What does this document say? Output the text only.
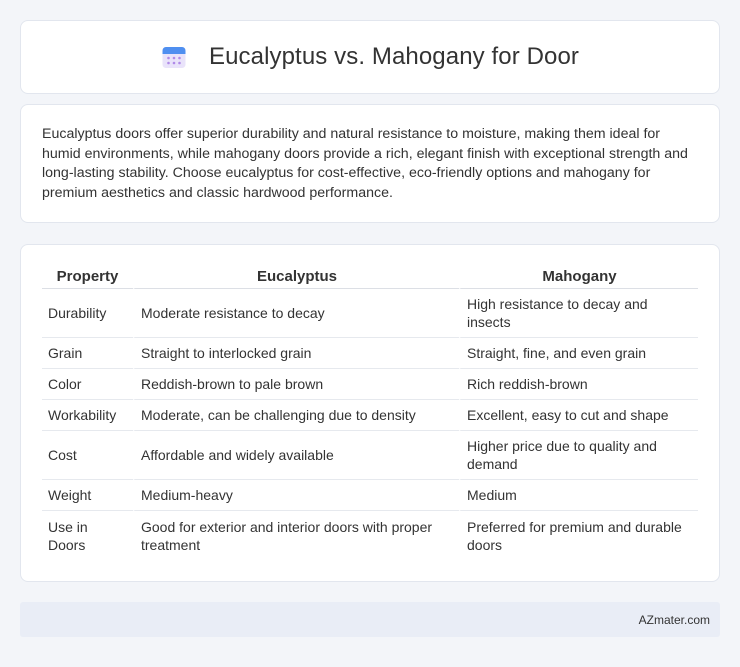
Eucalyptus vs. Mahogany for Door

Eucalyptus doors offer superior durability and natural resistance to moisture, making them ideal for humid environments, while mahogany doors provide a rich, elegant finish with exceptional strength and long-lasting stability. Choose eucalyptus for cost-effective, eco-friendly options and mahogany for premium aesthetics and classic hardwood performance.

Property	Eucalyptus	Mahogany
Durability	Moderate resistance to decay	High resistance to decay and insects
Grain	Straight to interlocked grain	Straight, fine, and even grain
Color	Reddish-brown to pale brown	Rich reddish-brown
Workability	Moderate, can be challenging due to density	Excellent, easy to cut and shape
Cost	Affordable and widely available	Higher price due to quality and demand
Weight	Medium-heavy	Medium
Use in Doors	Good for exterior and interior doors with proper treatment	Preferred for premium and durable doors
AZmater.com
